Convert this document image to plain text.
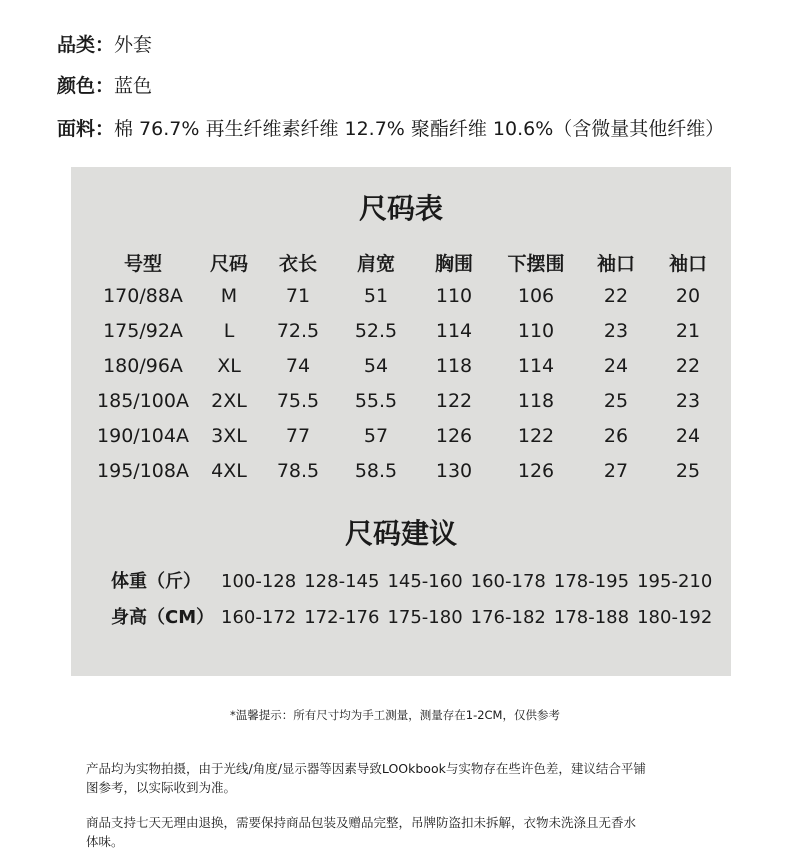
品类：外套
颜色：蓝色
面料：棉 76.7% 再生纤维素纤维 12.7% 聚酯纤维 10.6%（含微量其他纤维）
尺码表
号型	尺码 衣长 肩宽 胸围 下摆围 袖口 袖口
170/88A M	71	51	110 106	22	20
175/92A L 72.5 52.5 114 110	23	21
180/96A XL 74	54	118 114	24	22
185/100A 2XL 75.5 55.5 122 118	25	23
190/104A 3XL 77	57	126 122	26	24
195/108A 4XL 78.5 58.5 130 126	27	25
尺码建议
体重（斤） 100-128 128-145 145-160 160-178 178-195 195-210
身高（CM） 160-172 172-176 175-180 176-182 178-188 180-192
*温馨提示：所有尺寸均为手工测量，测量存在1-2CM，仅供参考
产品均为实物拍摄，由于光线/角度/显示器等因素导致LOOkbook与实物存在些许色差，建议结合平铺图参考，以实际收到为准。
商品支持七天无理由退换，需要保持商品包装及赠品完整，吊牌防盗扣未拆解，衣物未洗涤且无香水体味。
